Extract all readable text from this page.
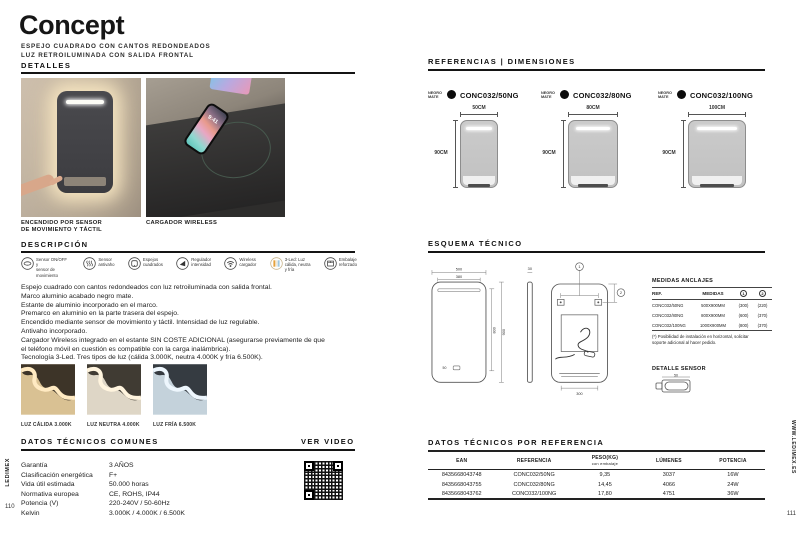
Concept
ESPEJO CUADRADO CON CANTOS REDONDEADOS
LUZ RETROILUMINADA CON SALIDA FRONTAL
DETALLES
9:41
ENCENDIDO POR SENSOR
DE MOVIMIENTO Y TÁCTIL
CARGADOR WIRELESS
DESCRIPCIÓN
Sensor ON/OFF y
sensor de movimiento
Sensor
antivaho
Espejos
cuadrados
Regulador
intensidad
Wireless
cargador
3-Led: Luz
cálida, neutra
y fría
Embalaje
reforzado
Espejo cuadrado con cantos redondeados con luz retroiluminada con salida frontal.
Marco aluminio acabado negro mate.
Estante de aluminio incorporado en el marco.
Premarco en aluminio en la parte trasera del espejo.
Encendido mediante sensor de movimiento y táctil. Intensidad de luz regulable.
Antivaho incorporado.
Cargador Wireless integrado en el estante SIN COSTE ADICIONAL (asegurarse previamente de que
el teléfono móvil en cuestión es compatible con la carga inalámbrica).
Tecnología 3-Led. Tres tipos de luz (cálida 3.000K, neutra 4.000K y fría 6.500K).
LUZ CÁLIDA 3.000K	LUZ NEUTRA 4.000K	LUZ FRÍA 6.500K
DATOS TÉCNICOS COMUNES	VER VIDEO
Garantía	3 AÑOS
Clasificación energética	F+
Vida útil estimada	50.000 horas
Normativa europea	CE, ROHS, IP44
Potencia (V)	220-240V / 50-60Hz
Kelvin	3.000K / 4.000K / 6.500K
LEDIMEX
110
REFERENCIAS | DIMENSIONES
NEGRO
MATE	CONC032/50NG
50CM
90CM
NEGRO
MATE	CONC032/80NG
80CM
90CM
NEGRO
MATE	CONC032/100NG
100CM
90CM
ESQUEMA TÉCNICO
50
500
380
800 900
30	1
2
300
MEDIDAS ANCLAJES
REF.	MEDIDAS	1	2
CONC032/50NG	500X900MM	(300)	(220)
CONC032/80NG	800X900MM	(600)	(370)
CONC032/100NG	1000X900MM	(800)	(370)
(*) Posibilidad de instalación en horizontal, solicitar
soporte adicional al hacer pedido.
DETALLE SENSOR
50
DATOS TÉCNICOS POR REFERENCIA
EAN	REFERENCIA	PESO(KG)
con embalaje	LÚMENES	POTENCIA
8435668043748	CONC032/50NG	9,35	3037	16W
8435668043755	CONC032/80NG	14,45	4066	24W
8435668043762	CONC032/100NG	17,80	4751	36W
WWW.LEDIMEX.ES
111
